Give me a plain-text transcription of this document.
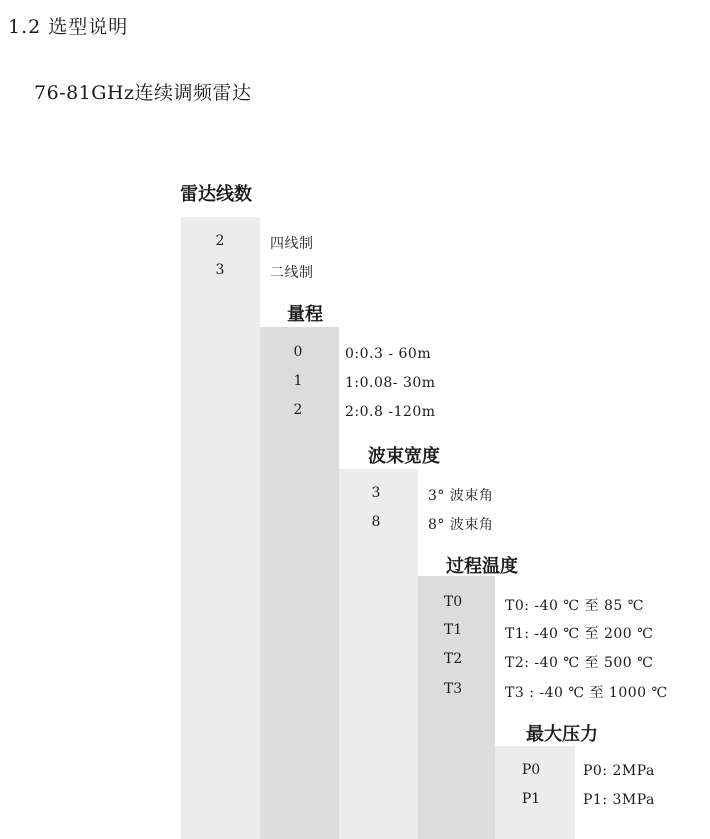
1.2 选型说明
76-81GHz连续调频雷达
雷达线数
2	四线制
3	二线制
量程
0	0:0.3 - 60m
1	1:0.08- 30m
2	2:0.8 -120m
波束宽度
3	3° 波束角
8	8° 波束角
过程温度
T0	T0: -40 ℃ 至 85 ℃
T1	T1: -40 ℃ 至 200 ℃
T2	T2: -40 ℃ 至 500 ℃
T3	T3 : -40 ℃ 至 1000 ℃
最大压力
P0	P0: 2MPa
P1	P1: 3MPa
